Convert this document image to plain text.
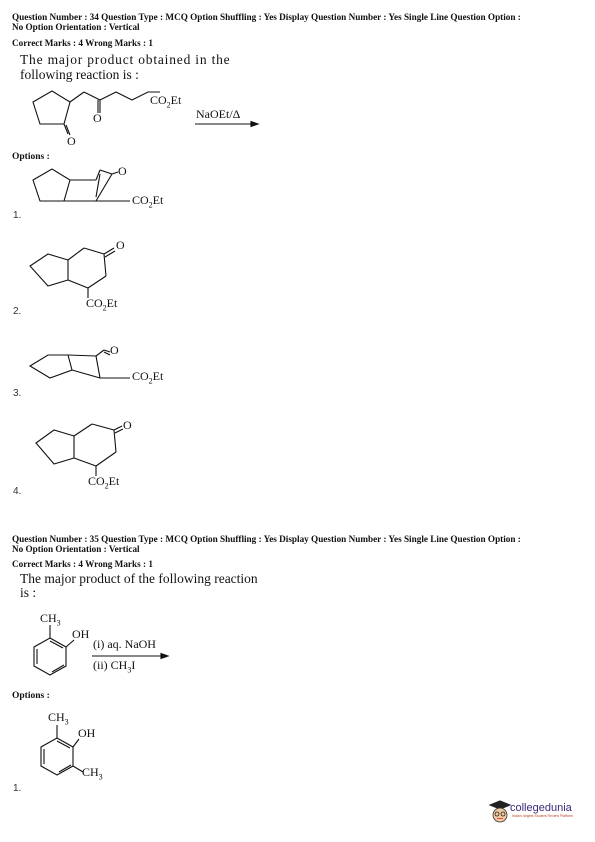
Question Number : 34 Question Type : MCQ Option Shuffling : Yes Display Question Number : Yes Single Line Question Option :
No Option Orientation : Vertical
Correct Marks : 4 Wrong Marks : 1
The major product obtained in the
following reaction is :
O
O
$CO_2Et$
NaOEt/Δ
Options :
O
$CO_2Et$
1.
O
$CO_2Et$
2.
O
$CO_2Et$
3.
O
$CO_2Et$
4.
Question Number : 35 Question Type : MCQ Option Shuffling : Yes Display Question Number : Yes Single Line Question Option :
No Option Orientation : Vertical
Correct Marks : 4 Wrong Marks : 1
The major product of the following reaction
is :
$CH_3$
OH
(i) aq. NaOH
(ii) $CH_3I$
Options :
$CH_3$
OH
$CH_3$
1.
collegedunia
India's largest Student Review Platform
